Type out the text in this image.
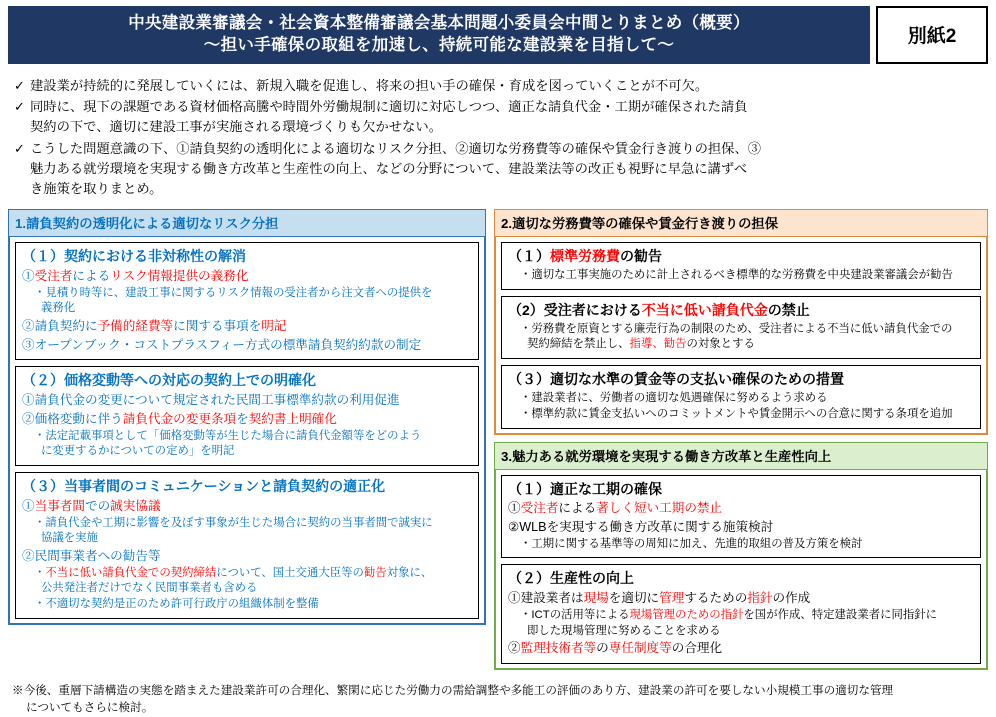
中央建設業審議会・社会資本整備審議会基本問題小委員会中間とりまとめ（概要）
～担い手確保の取組を加速し、持続可能な建設業を目指して～	別紙2
✓ 建設業が持続的に発展していくには、新規入職を促進し、将来の担い手の確保・育成を図っていくことが不可欠。
✓ 同時に、現下の課題である資材価格高騰や時間外労働規制に適切に対応しつつ、適正な請負代金・工期が確保された請負
契約の下で、適切に建設工事が実施される環境づくりも欠かせない。
✓ こうした問題意識の下、①請負契約の透明化による適切なリスク分担、②適切な労務費等の確保や賃金行き渡りの担保、③
魅力ある就労環境を実現する働き方改革と生産性の向上、などの分野について、建設業法等の改正も視野に早急に講ずべ
き施策を取りまとめ。
1.請負契約の透明化による適切なリスク分担
（１）契約における非対称性の解消
①受注者によるリスク情報提供の義務化
・見積り時等に、建設工事に関するリスク情報の受注者から注文者への提供を
義務化
②請負契約に予備的経費等に関する事項を明記
③オープンブック・コストプラスフィー方式の標準請負契約約款の制定
（２）価格変動等への対応の契約上での明確化
①請負代金の変更について規定された民間工事標準約款の利用促進
②価格変動に伴う請負代金の変更条項を契約書上明確化
・法定記載事項として「価格変動等が生じた場合に請負代金額等をどのよう
に変更するかについての定め」を明記
（３）当事者間のコミュニケーションと請負契約の適正化
①当事者間での誠実協議
・請負代金や工期に影響を及ぼす事象が生じた場合に契約の当事者間で誠実に
協議を実施
②民間事業者への勧告等
・不当に低い請負代金での契約締結について、国土交通大臣等の勧告対象に、
公共発注者だけでなく民間事業者も含める
・不適切な契約是正のため許可行政庁の組織体制を整備
2.適切な労務費等の確保や賃金行き渡りの担保
（１）標準労務費の勧告
・適切な工事実施のために計上されるべき標準的な労務費を中央建設業審議会が勧告
（2）受注者における不当に低い請負代金の禁止
・労務費を原資とする廉売行為の制限のため、受注者による不当に低い請負代金での
契約締結を禁止し、指導、勧告の対象とする
（３）適切な水準の賃金等の支払い確保のための措置
・建設業者に、労働者の適切な処遇確保に努めるよう求める
・標準約款に賃金支払いへのコミットメントや賃金開示への合意に関する条項を追加
3.魅力ある就労環境を実現する働き方改革と生産性向上
（１）適正な工期の確保
①受注者による著しく短い工期の禁止
②WLBを実現する働き方改革に関する施策検討
・工期に関する基準等の周知に加え、先進的取組の普及方策を検討
（２）生産性の向上
①建設業者は現場を適切に管理するための指針の作成
・ICTの活用等による現場管理のための指針を国が作成、特定建設業者に同指針に
即した現場管理に努めることを求める
②監理技術者等の専任制度等の合理化
※今後、重層下請構造の実態を踏まえた建設業許可の合理化、繁閑に応じた労働力の需給調整や多能工の評価のあり方、建設業の許可を要しない小規模工事の適切な管理
についてもさらに検討。
